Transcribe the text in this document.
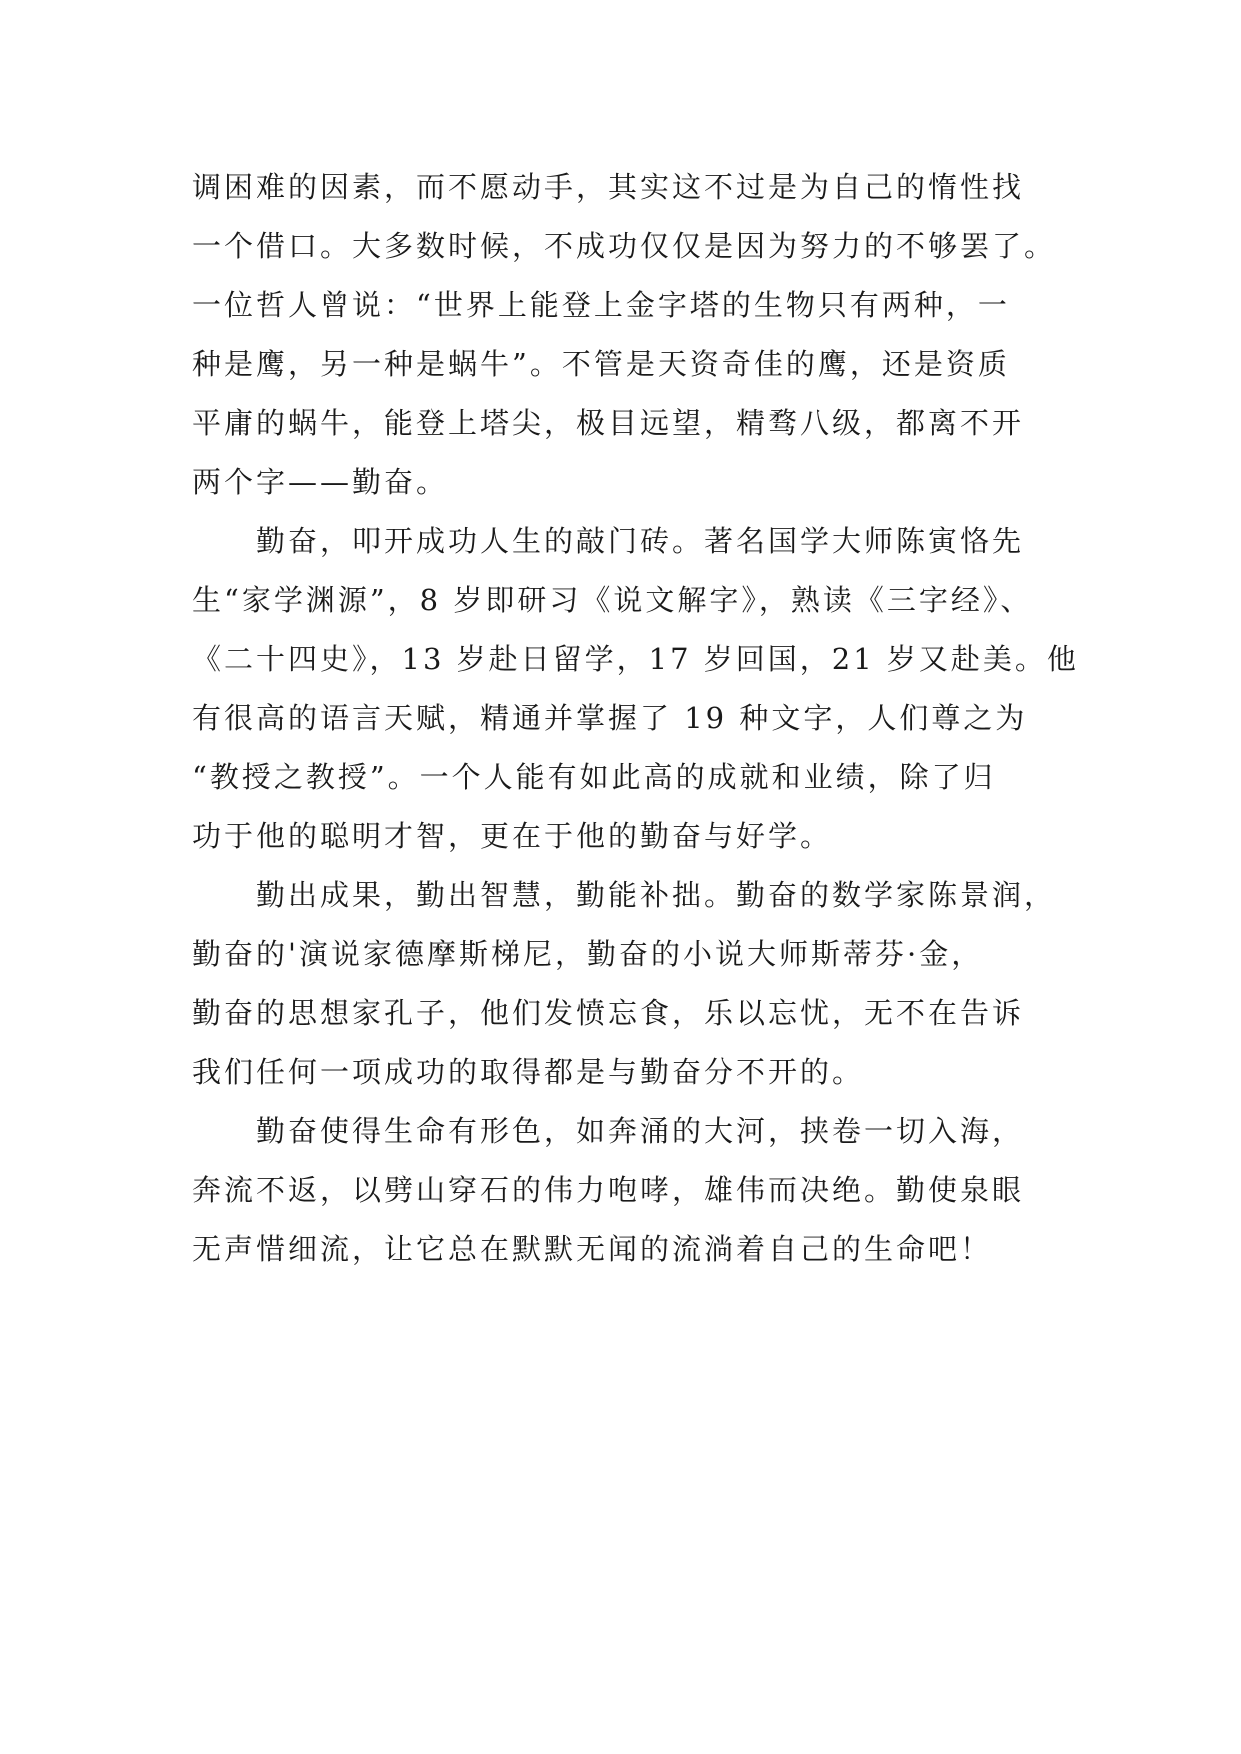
调困难的因素，而不愿动手，其实这不过是为自己的惰性找
一个借口。大多数时候，不成功仅仅是因为努力的不够罢了。
一位哲人曾说：“世界上能登上金字塔的生物只有两种，一
种是鹰，另一种是蜗牛”。不管是天资奇佳的鹰，还是资质
平庸的蜗牛，能登上塔尖，极目远望，精骛八级，都离不开
两个字——勤奋。
勤奋，叩开成功人生的敲门砖。著名国学大师陈寅恪先
生“家学渊源”，8 岁即研习《说文解字》，熟读《三字经》、
《二十四史》，13 岁赴日留学，17 岁回国，21 岁又赴美。他
有很高的语言天赋，精通并掌握了 19 种文字，人们尊之为
“教授之教授”。一个人能有如此高的成就和业绩，除了归
功于他的聪明才智，更在于他的勤奋与好学。
勤出成果，勤出智慧，勤能补拙。勤奋的数学家陈景润，
勤奋的'演说家德摩斯梯尼，勤奋的小说大师斯蒂芬·金，
勤奋的思想家孔子，他们发愤忘食，乐以忘忧，无不在告诉
我们任何一项成功的取得都是与勤奋分不开的。
勤奋使得生命有形色，如奔涌的大河，挟卷一切入海，
奔流不返，以劈山穿石的伟力咆哮，雄伟而决绝。勤使泉眼
无声惜细流，让它总在默默无闻的流淌着自己的生命吧！
